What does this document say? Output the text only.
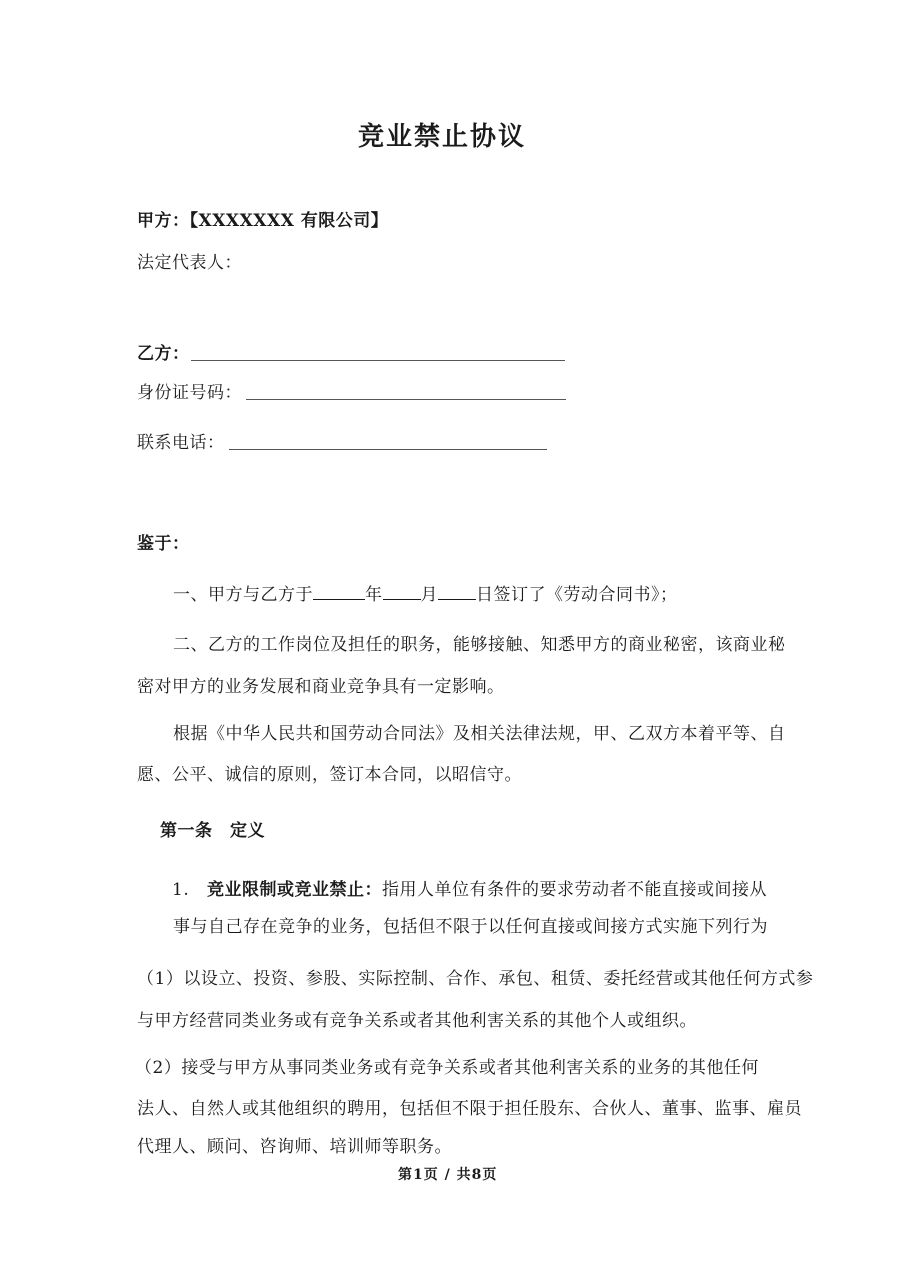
竞业禁止协议
甲方：【XXXXXXX 有限公司】
法定代表人：
乙方：
身份证号码：
联系电话：
鉴于：
一、甲方与乙方于	年 月 日签订了《劳动合同书》；
二、乙方的工作岗位及担任的职务，能够接触、知悉甲方的商业秘密，该商业秘
密对甲方的业务发展和商业竞争具有一定影响。
根据《中华人民共和国劳动合同法》及相关法律法规，甲、乙双方本着平等、自
愿、公平、诚信的原则，签订本合同，以昭信守。
第一条　定义
1. 竞业限制或竞业禁止：指用人单位有条件的要求劳动者不能直接或间接从
事与自己存在竞争的业务，包括但不限于以任何直接或间接方式实施下列行为
（1）以设立、投资、参股、实际控制、合作、承包、租赁、委托经营或其他任何方式参
与甲方经营同类业务或有竞争关系或者其他利害关系的其他个人或组织。
（2）接受与甲方从事同类业务或有竞争关系或者其他利害关系的业务的其他任何
法人、自然人或其他组织的聘用，包括但不限于担任股东、合伙人、董事、监事、雇员
代理人、顾问、咨询师、培训师等职务。
第1页 / 共8页
